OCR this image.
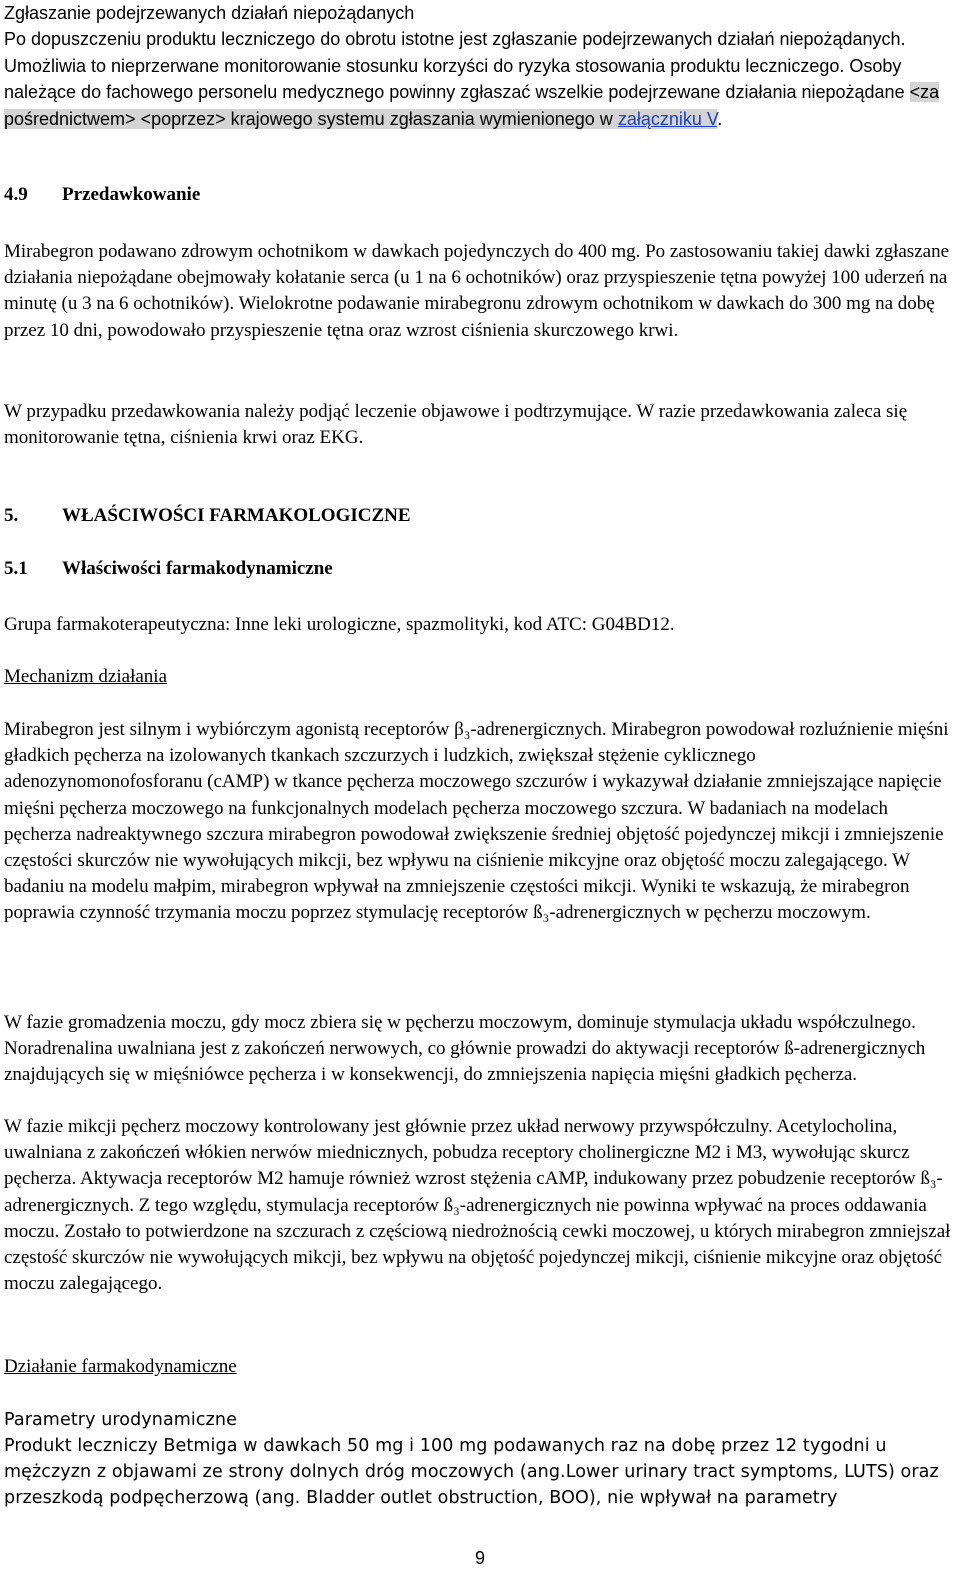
Zgłaszanie podejrzewanych działań niepożądanych
Po dopuszczeniu produktu leczniczego do obrotu istotne jest zgłaszanie podejrzewanych działań niepożądanych. Umożliwia to nieprzerwane monitorowanie stosunku korzyści do ryzyka stosowania produktu leczniczego. Osoby należące do fachowego personelu medycznego powinny zgłaszać wszelkie podejrzewane działania niepożądane <za pośrednictwem> <poprzez> krajowego systemu zgłaszania wymienionego w załączniku V.
4.9 Przedawkowanie
Mirabegron podawano zdrowym ochotnikom w dawkach pojedynczych do 400 mg. Po zastosowaniu takiej dawki zgłaszane działania niepożądane obejmowały kołatanie serca (u 1 na 6 ochotników) oraz przyspieszenie tętna powyżej 100 uderzeń na minutę (u 3 na 6 ochotników). Wielokrotne podawanie mirabegronu zdrowym ochotnikom w dawkach do 300 mg na dobę przez 10 dni, powodowało przyspieszenie tętna oraz wzrost ciśnienia skurczowego krwi.
W przypadku przedawkowania należy podjąć leczenie objawowe i podtrzymujące. W razie przedawkowania zaleca się monitorowanie tętna, ciśnienia krwi oraz EKG.
5. WŁAŚCIWOŚCI FARMAKOLOGICZNE
5.1 Właściwości farmakodynamiczne
Grupa farmakoterapeutyczna: Inne leki urologiczne, spazmolityki, kod ATC: G04BD12.
Mechanizm działania
Mirabegron jest silnym i wybiórczym agonistą receptorów β₃-adrenergicznych. Mirabegron powodował rozluźnienie mięśni gładkich pęcherza na izolowanych tkankach szczurzych i ludzkich, zwiększał stężenie cyklicznego adenozynomonofosforanu (cAMP) w tkance pęcherza moczowego szczurów i wykazywał działanie zmniejszające napięcie mięśni pęcherza moczowego na funkcjonalnych modelach pęcherza moczowego szczura. W badaniach na modelach pęcherza nadreaktywnego szczura mirabegron powodował zwiększenie średniej objętość pojedynczej mikcji i zmniejszenie częstości skurczów nie wywołujących mikcji, bez wpływu na ciśnienie mikcyjne oraz objętość moczu zalegającego. W badaniu na modelu małpim, mirabegron wpływał na zmniejszenie częstości mikcji. Wyniki te wskazują, że mirabegron poprawia czynność trzymania moczu poprzez stymulację receptorów ß₃-adrenergicznych w pęcherzu moczowym.
W fazie gromadzenia moczu, gdy mocz zbiera się w pęcherzu moczowym, dominuje stymulacja układu współczulnego. Noradrenalina uwalniana jest z zakończeń nerwowych, co głównie prowadzi do aktywacji receptorów ß-adrenergicznych znajdujących się w mięśniówce pęcherza i w konsekwencji, do zmniejszenia napięcia mięśni gładkich pęcherza.
W fazie mikcji pęcherz moczowy kontrolowany jest głównie przez układ nerwowy przywspółczulny. Acetylocholina, uwalniana z zakończeń włókien nerwów miednicznych, pobudza receptory cholinergiczne M2 i M3, wywołując skurcz pęcherza. Aktywacja receptorów M2 hamuje również wzrost stężenia cAMP, indukowany przez pobudzenie receptorów ß₃-adrenergicznych. Z tego względu, stymulacja receptorów ß₃-adrenergicznych nie powinna wpływać na proces oddawania moczu. Zostało to potwierdzone na szczurach z częściową niedrożnością cewki moczowej, u których mirabegron zmniejszał częstość skurczów nie wywołujących mikcji, bez wpływu na objętość pojedynczej mikcji, ciśnienie mikcyjne oraz objętość moczu zalegającego.
Działanie farmakodynamiczne
Parametry urodynamiczne
Produkt leczniczy Betmiga w dawkach 50 mg i 100 mg podawanych raz na dobę przez 12 tygodni u mężczyzn z objawami ze strony dolnych dróg moczowych (ang.Lower urinary tract symptoms, LUTS) oraz przeszkodą podpęcherzową (ang. Bladder outlet obstruction, BOO), nie wpływał na parametry
9
